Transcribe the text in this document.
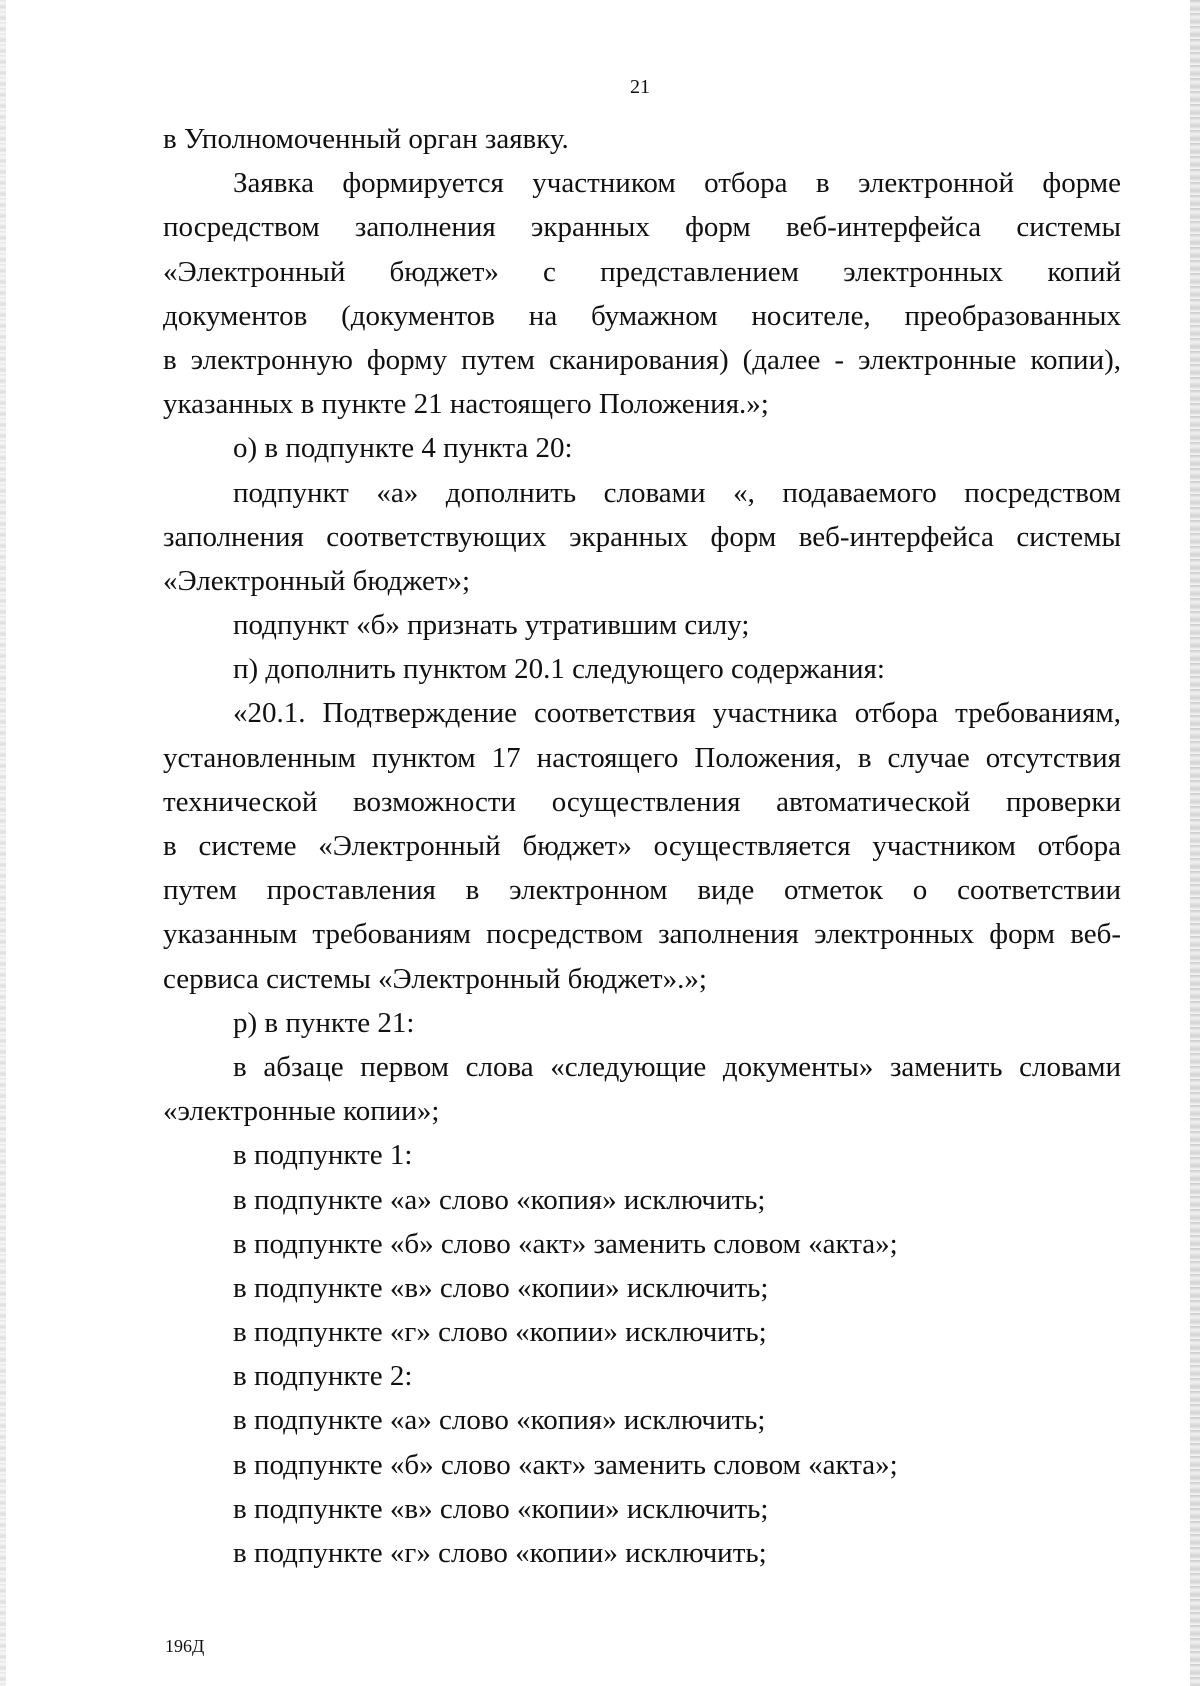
21
в Уполномоченный орган заявку.
Заявка формируется участником отбора в электронной форме
посредством заполнения экранных форм веб-интерфейса системы
«Электронный бюджет» с представлением электронных копий
документов (документов на бумажном носителе, преобразованных
в электронную форму путем сканирования) (далее - электронные копии),
указанных в пункте 21 настоящего Положения.»;
о) в подпункте 4 пункта 20:
подпункт «а» дополнить словами «, подаваемого посредством
заполнения соответствующих экранных форм веб-интерфейса системы
«Электронный бюджет»;
подпункт «б» признать утратившим силу;
п) дополнить пунктом 20.1 следующего содержания:
«20.1. Подтверждение соответствия участника отбора требованиям,
установленным пунктом 17 настоящего Положения, в случае отсутствия
технической возможности осуществления автоматической проверки
в системе «Электронный бюджет» осуществляется участником отбора
путем проставления в электронном виде отметок о соответствии
указанным требованиям посредством заполнения электронных форм веб-
сервиса системы «Электронный бюджет».»;
р) в пункте 21:
в абзаце первом слова «следующие документы» заменить словами
«электронные копии»;
в подпункте 1:
в подпункте «а» слово «копия» исключить;
в подпункте «б» слово «акт» заменить словом «акта»;
в подпункте «в» слово «копии» исключить;
в подпункте «г» слово «копии» исключить;
в подпункте 2:
в подпункте «а» слово «копия» исключить;
в подпункте «б» слово «акт» заменить словом «акта»;
в подпункте «в» слово «копии» исключить;
в подпункте «г» слово «копии» исключить;
196Д
